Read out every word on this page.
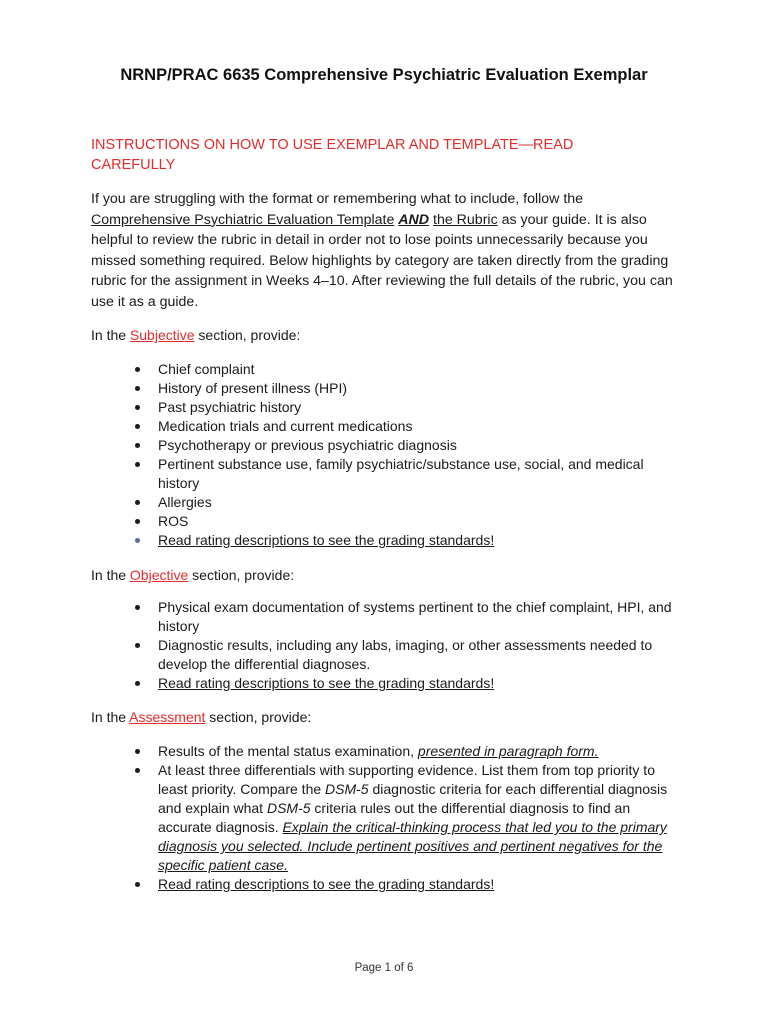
NRNP/PRAC 6635 Comprehensive Psychiatric Evaluation Exemplar
INSTRUCTIONS ON HOW TO USE EXEMPLAR AND TEMPLATE—READ CAREFULLY
If you are struggling with the format or remembering what to include, follow the
Comprehensive Psychiatric Evaluation Template AND the Rubric as your guide. It is also helpful to review the rubric in detail in order not to lose points unnecessarily because you missed something required. Below highlights by category are taken directly from the grading rubric for the assignment in Weeks 4–10. After reviewing the full details of the rubric, you can use it as a guide.
In the Subjective section, provide:
Chief complaint
History of present illness (HPI)
Past psychiatric history
Medication trials and current medications
Psychotherapy or previous psychiatric diagnosis
Pertinent substance use, family psychiatric/substance use, social, and medical history
Allergies
ROS
Read rating descriptions to see the grading standards!
In the Objective section, provide:
Physical exam documentation of systems pertinent to the chief complaint, HPI, and history
Diagnostic results, including any labs, imaging, or other assessments needed to develop the differential diagnoses.
Read rating descriptions to see the grading standards!
In the Assessment section, provide:
Results of the mental status examination, presented in paragraph form.
At least three differentials with supporting evidence. List them from top priority to least priority. Compare the DSM-5 diagnostic criteria for each differential diagnosis and explain what DSM-5 criteria rules out the differential diagnosis to find an accurate diagnosis. Explain the critical-thinking process that led you to the primary diagnosis you selected. Include pertinent positives and pertinent negatives for the specific patient case.
Read rating descriptions to see the grading standards!
Page 1 of 6
